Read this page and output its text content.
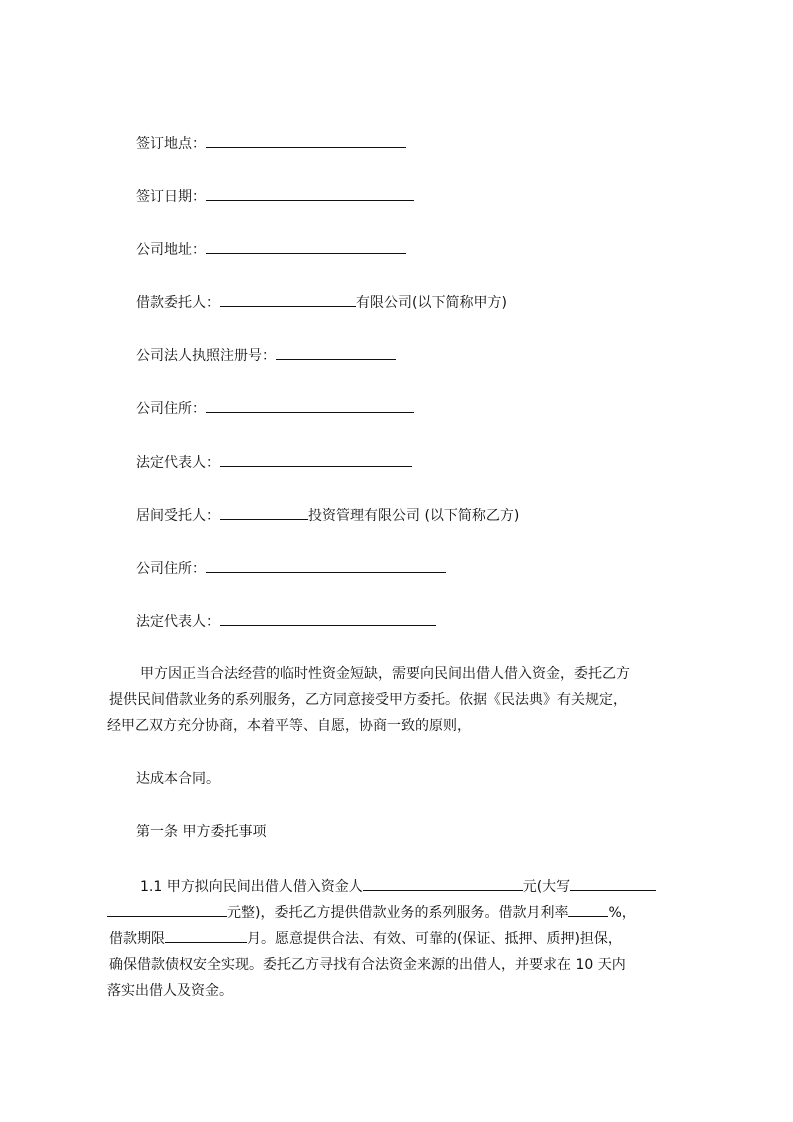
签订地点：
签订日期：
公司地址：
借款委托人：	有限公司(以下简称甲方)
公司法人执照注册号：
公司住所：
法定代表人：
居间受托人：	投资管理有限公司 (以下简称乙方)
公司住所：
法定代表人：
甲方因正当合法经营的临时性资金短缺，需要向民间出借人借入资金，委托乙方
提供民间借款业务的系列服务，乙方同意接受甲方委托。依据《民法典》有关规定，
经甲乙双方充分协商，本着平等、自愿，协商一致的原则，
达成本合同。
第一条 甲方委托事项
1.1 甲方拟向民间出借人借入资金人	元(大写
元整)，委托乙方提供借款业务的系列服务。借款月利率	%，
借款期限	月。愿意提供合法、有效、可靠的(保证、抵押、质押)担保，
确保借款债权安全实现。委托乙方寻找有合法资金来源的出借人，并要求在 10 天内
落实出借人及资金。
